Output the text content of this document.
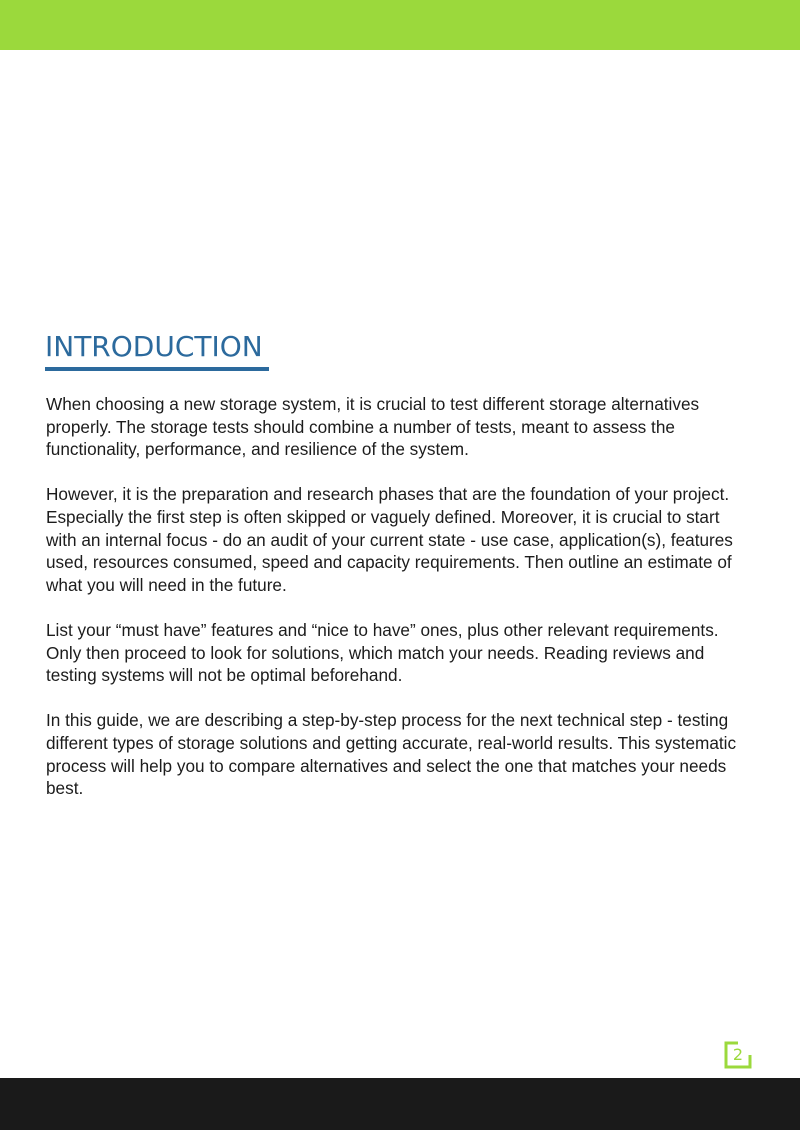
INTRODUCTION

When choosing a new storage system, it is crucial to test different storage alternatives
properly. The storage tests should combine a number of tests, meant to assess the
functionality, performance, and resilience of the system.

However, it is the preparation and research phases that are the foundation of your project.
Especially the first step is often skipped or vaguely defined. Moreover, it is crucial to start
with an internal focus - do an audit of your current state - use case, application(s), features
used, resources consumed, speed and capacity requirements. Then outline an estimate of
what you will need in the future.

List your “must have” features and “nice to have” ones, plus other relevant requirements.
Only then proceed to look for solutions, which match your needs. Reading reviews and
testing systems will not be optimal beforehand.

In this guide, we are describing a step-by-step process for the next technical step - testing
different types of storage solutions and getting accurate, real-world results. This systematic
process will help you to compare alternatives and select the one that matches your needs
best.

2
